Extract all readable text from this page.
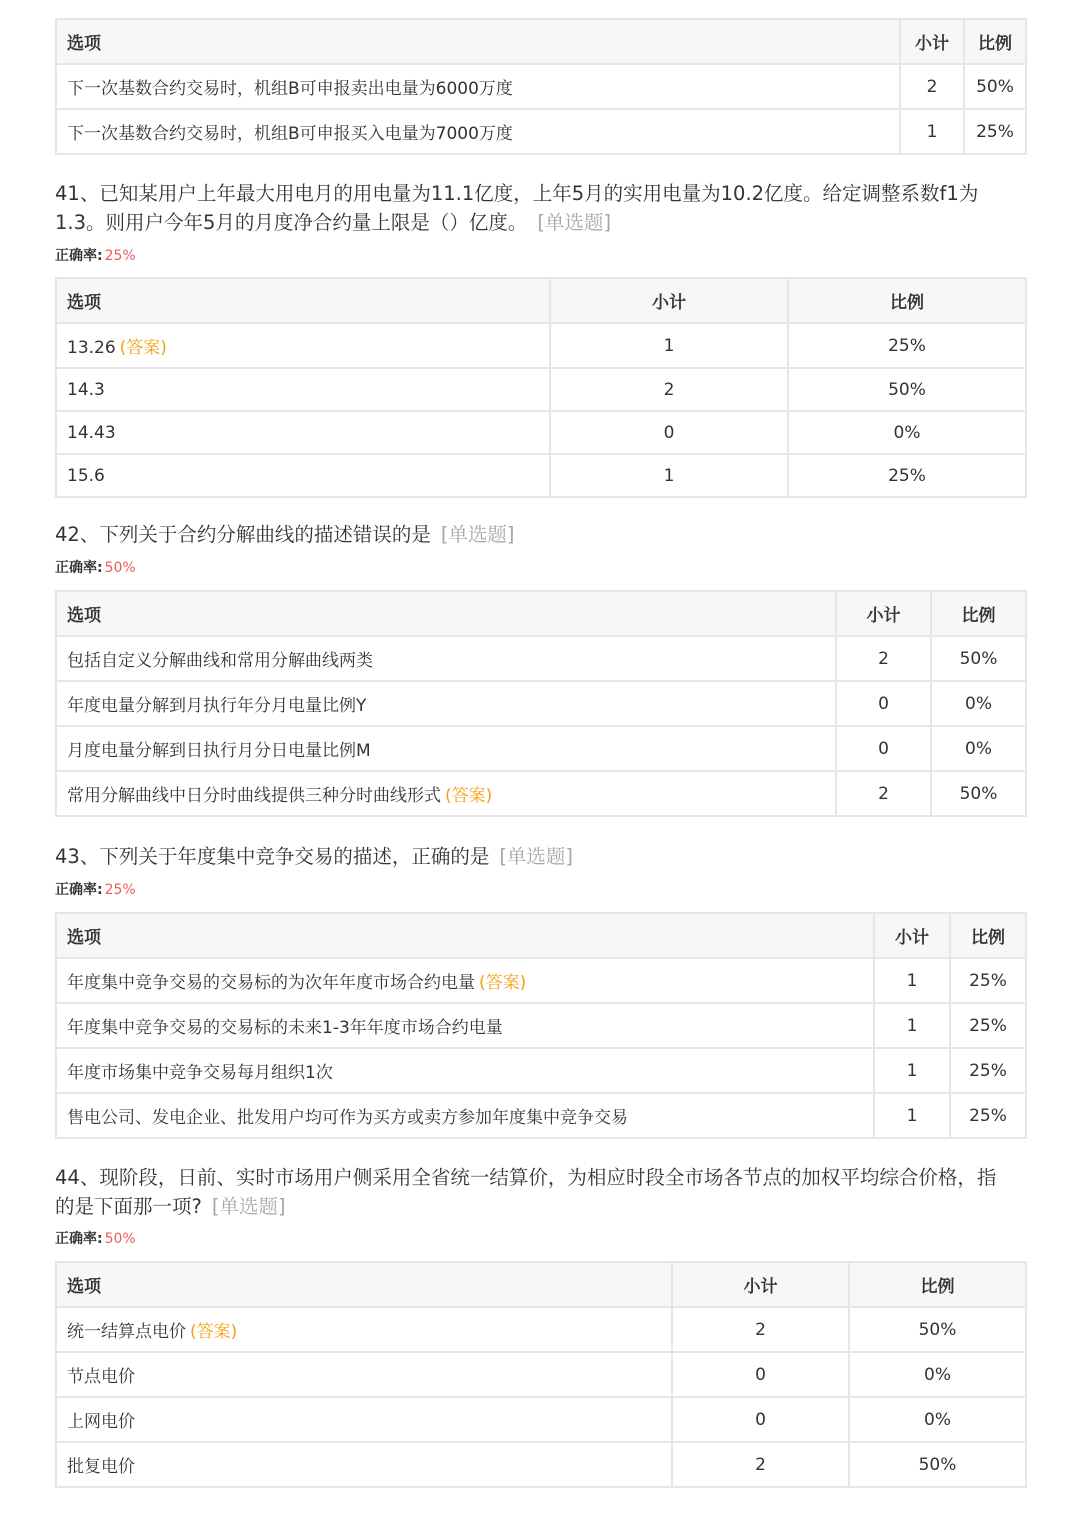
选项	小计	比例
下一次基数合约交易时，机组B可申报卖出电量为6000万度	2	50%
下一次基数合约交易时，机组B可申报买入电量为7000万度	1	25%
41、已知某用户上年最大用电月的用电量为11.1亿度，上年5月的实用电量为10.2亿度。给定调整系数f1为1.3。则用户今年5月的月度净合约量上限是（）亿度。 [单选题]
正确率: 25%
选项	小计	比例
13.26 (答案)	1	25%
14.3	2	50%
14.43	0	0%
15.6	1	25%
42、下列关于合约分解曲线的描述错误的是 [单选题]
正确率: 50%
选项	小计	比例
包括自定义分解曲线和常用分解曲线两类	2	50%
年度电量分解到月执行年分月电量比例Y	0	0%
月度电量分解到日执行月分日电量比例M	0	0%
常用分解曲线中日分时曲线提供三种分时曲线形式 (答案)	2	50%
43、下列关于年度集中竞争交易的描述，正确的是 [单选题]
正确率: 25%
选项	小计	比例
年度集中竞争交易的交易标的为次年年度市场合约电量 (答案)	1	25%
年度集中竞争交易的交易标的未来1-3年年度市场合约电量	1	25%
年度市场集中竞争交易每月组织1次	1	25%
售电公司、发电企业、批发用户均可作为买方或卖方参加年度集中竞争交易	1	25%
44、现阶段，日前、实时市场用户侧采用全省统一结算价，为相应时段全市场各节点的加权平均综合价格，指的是下面那一项? [单选题]
正确率: 50%
选项	小计	比例
统一结算点电价 (答案)	2	50%
节点电价	0	0%
上网电价	0	0%
批复电价	2	50%
